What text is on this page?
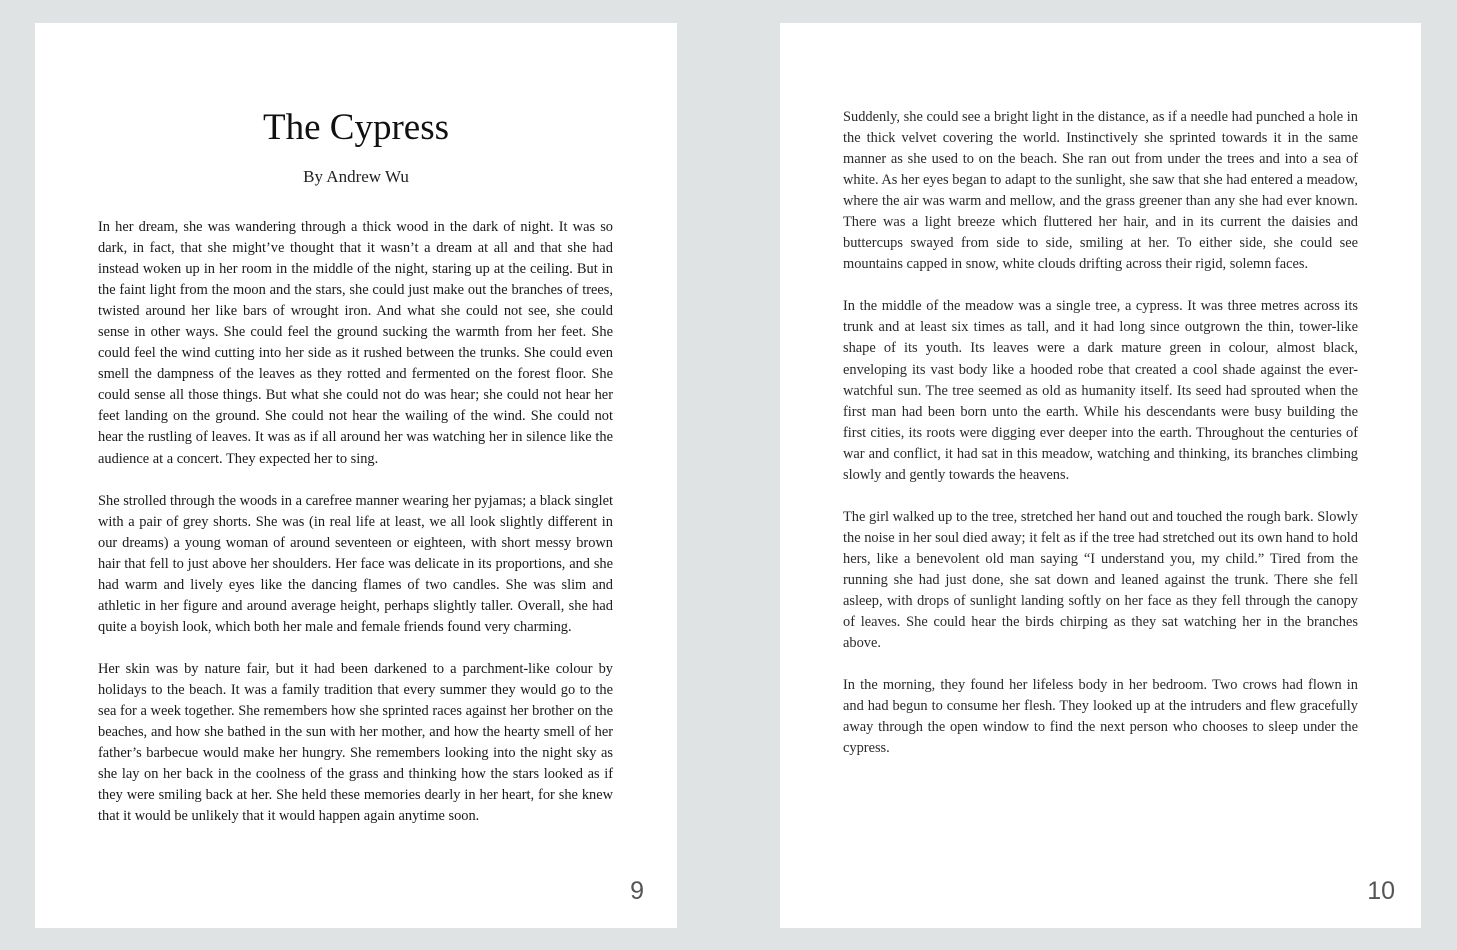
The Cypress
By Andrew Wu

In her dream, she was wandering through a thick wood in the dark of night. It was so dark, in fact, that she might’ve thought that it wasn’t a dream at all and that she had instead woken up in her room in the middle of the night, staring up at the ceiling. But in the faint light from the moon and the stars, she could just make out the branches of trees, twisted around her like bars of wrought iron. And what she could not see, she could sense in other ways. She could feel the ground sucking the warmth from her feet. She could feel the wind cutting into her side as it rushed between the trunks. She could even smell the dampness of the leaves as they rotted and fermented on the forest floor. She could sense all those things. But what she could not do was hear; she could not hear her feet landing on the ground. She could not hear the wailing of the wind. She could not hear the rustling of leaves. It was as if all around her was watching her in silence like the audience at a concert. They expected her to sing.

She strolled through the woods in a carefree manner wearing her pyjamas; a black singlet with a pair of grey shorts. She was (in real life at least, we all look slightly different in our dreams) a young woman of around seventeen or eighteen, with short messy brown hair that fell to just above her shoulders. Her face was delicate in its proportions, and she had warm and lively eyes like the dancing flames of two candles. She was slim and athletic in her figure and around average height, perhaps slightly taller. Overall, she had quite a boyish look, which both her male and female friends found very charming.

Her skin was by nature fair, but it had been darkened to a parchment-like colour by holidays to the beach. It was a family tradition that every summer they would go to the sea for a week together. She remembers how she sprinted races against her brother on the beaches, and how she bathed in the sun with her mother, and how the hearty smell of her father’s barbecue would make her hungry. She remembers looking into the night sky as she lay on her back in the coolness of the grass and thinking how the stars looked as if they were smiling back at her. She held these memories dearly in her heart, for she knew that it would be unlikely that it would happen again anytime soon.

9

Suddenly, she could see a bright light in the distance, as if a needle had punched a hole in the thick velvet covering the world. Instinctively she sprinted towards it in the same manner as she used to on the beach. She ran out from under the trees and into a sea of white. As her eyes began to adapt to the sunlight, she saw that she had entered a meadow, where the air was warm and mellow, and the grass greener than any she had ever known. There was a light breeze which fluttered her hair, and in its current the daisies and buttercups swayed from side to side, smiling at her. To either side, she could see mountains capped in snow, white clouds drifting across their rigid, solemn faces.

In the middle of the meadow was a single tree, a cypress. It was three metres across its trunk and at least six times as tall, and it had long since outgrown the thin, tower-like shape of its youth. Its leaves were a dark mature green in colour, almost black, enveloping its vast body like a hooded robe that created a cool shade against the ever-watchful sun. The tree seemed as old as humanity itself. Its seed had sprouted when the first man had been born unto the earth. While his descendants were busy building the first cities, its roots were digging ever deeper into the earth. Throughout the centuries of war and conflict, it had sat in this meadow, watching and thinking, its branches climbing slowly and gently towards the heavens.

The girl walked up to the tree, stretched her hand out and touched the rough bark. Slowly the noise in her soul died away; it felt as if the tree had stretched out its own hand to hold hers, like a benevolent old man saying “I understand you, my child.” Tired from the running she had just done, she sat down and leaned against the trunk. There she fell asleep, with drops of sunlight landing softly on her face as they fell through the canopy of leaves. She could hear the birds chirping as they sat watching her in the branches above.

In the morning, they found her lifeless body in her bedroom. Two crows had flown in and had begun to consume her flesh. They looked up at the intruders and flew gracefully away through the open window to find the next person who chooses to sleep under the cypress.

10
